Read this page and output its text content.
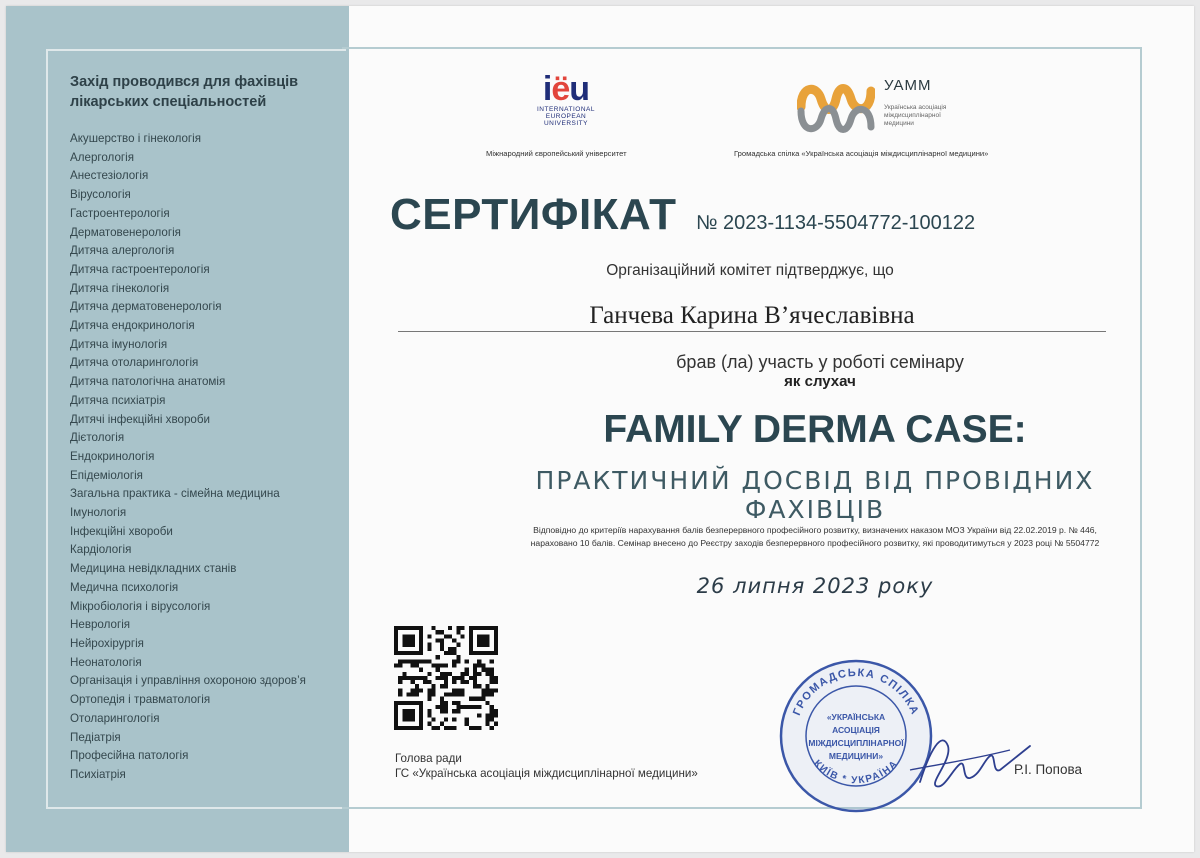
Захід проводився для фахівців лікарських спеціальностей
Акушерство і гінекологія
Алергологія
Анестезіологія
Вірусологія
Гастроентерологія
Дерматовенерологія
Дитяча алергологія
Дитяча гастроентерологія
Дитяча гінекологія
Дитяча дерматовенерологія
Дитяча ендокринологія
Дитяча імунологія
Дитяча отоларингологія
Дитяча патологічна анатомія
Дитяча психіатрія
Дитячі інфекційні хвороби
Дієтологія
Ендокринологія
Епідеміологія
Загальна практика - сімейна медицина
Імунологія
Інфекційні хвороби
Кардіологія
Медицина невідкладних станів
Медична психологія
Мікробіологія і вірусологія
Неврологія
Нейрохірургія
Неонатологія
Організація і управління охороною здоров’я
Ортопедія і травматологія
Отоларингологія
Педіатрія
Професійна патологія
Психіатрія
iëu
INTERNATIONAL
EUROPEAN
UNIVERSITY
Міжнародний європейський університет
УАММ
Українська асоціація міждисциплінарної медицини
Громадська спілка «Українська асоціація міждисциплінарної медицини»
СЕРТИФІКАТ № 2023-1134-5504772-100122
Організаційний комітет підтверджує, що
Ганчева Карина В’ячеславівна
брав (ла) участь у роботі семінару
як слухач
FAMILY DERMA CASE:
ПРАКТИЧНИЙ ДОСВІД ВІД ПРОВІДНИХ ФАХІВЦІВ
Відповідно до критеріїв нарахування балів безперервного професійного розвитку, визначених наказом МОЗ України від 22.02.2019 р. № 446,
нараховано 10 балів. Семінар внесено до Реєстру заходів безперервного професійного розвитку, які проводитимуться у 2023 році № 5504772
26 липня 2023 року
Голова ради
ГС «Українська асоціація міждисциплінарної медицини»
ГРОМАДСЬКА СПІЛКА
КИЇВ * УКРАЇНА
«УКРАЇНСЬКА
АСОЦІАЦІЯ
МІЖДИСЦИПЛІНАРНОЇ
МЕДИЦИНИ»
Р.І. Попова
